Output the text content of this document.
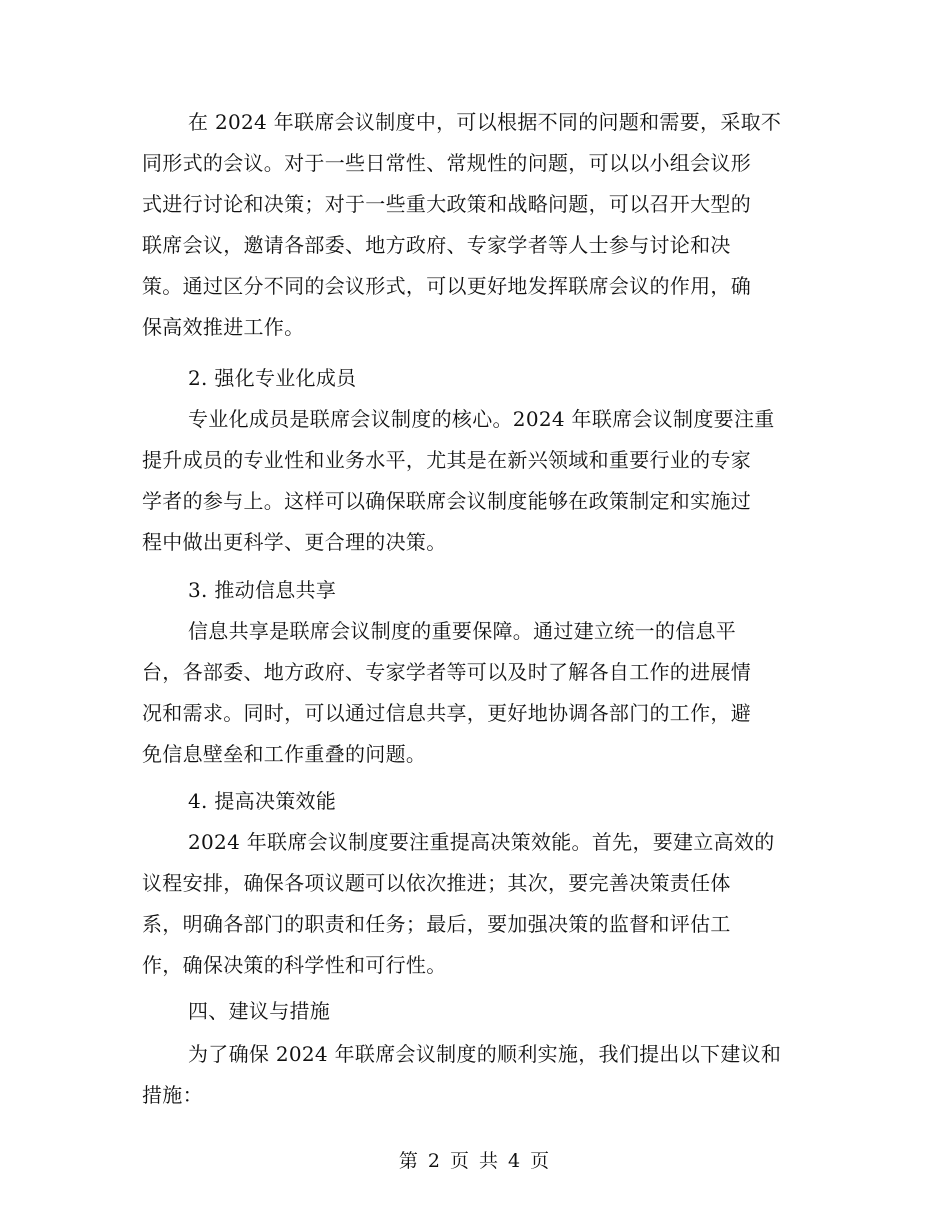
在 2024 年联席会议制度中，可以根据不同的问题和需要，采取不
同形式的会议。对于一些日常性、常规性的问题，可以以小组会议形
式进行讨论和决策；对于一些重大政策和战略问题，可以召开大型的
联席会议，邀请各部委、地方政府、专家学者等人士参与讨论和决
策。通过区分不同的会议形式，可以更好地发挥联席会议的作用，确
保高效推进工作。
2. 强化专业化成员
专业化成员是联席会议制度的核心。2024 年联席会议制度要注重
提升成员的专业性和业务水平，尤其是在新兴领域和重要行业的专家
学者的参与上。这样可以确保联席会议制度能够在政策制定和实施过
程中做出更科学、更合理的决策。
3. 推动信息共享
信息共享是联席会议制度的重要保障。通过建立统一的信息平
台，各部委、地方政府、专家学者等可以及时了解各自工作的进展情
况和需求。同时，可以通过信息共享，更好地协调各部门的工作，避
免信息壁垒和工作重叠的问题。
4. 提高决策效能
2024 年联席会议制度要注重提高决策效能。首先，要建立高效的
议程安排，确保各项议题可以依次推进；其次，要完善决策责任体
系，明确各部门的职责和任务；最后，要加强决策的监督和评估工
作，确保决策的科学性和可行性。
四、建议与措施
为了确保 2024 年联席会议制度的顺利实施，我们提出以下建议和
措施：
第 2 页 共 4 页
